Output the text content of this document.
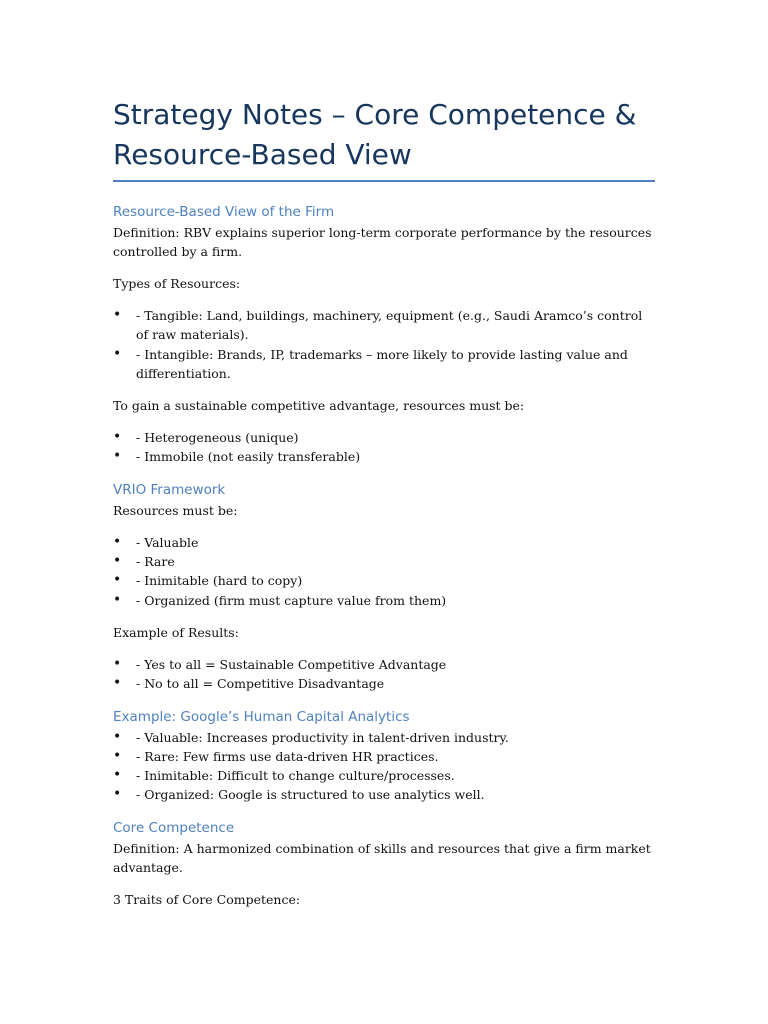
Strategy Notes – Core Competence & Resource-Based View
Resource-Based View of the Firm

Definition: RBV explains superior long-term corporate performance by the resources controlled by a firm.

Types of Resources:

• - Tangible: Land, buildings, machinery, equipment (e.g., Saudi Aramco’s control of raw materials).
• - Intangible: Brands, IP, trademarks – more likely to provide lasting value and differentiation.

To gain a sustainable competitive advantage, resources must be:

• - Heterogeneous (unique)
• - Immobile (not easily transferable)
VRIO Framework

Resources must be:

• - Valuable
• - Rare
• - Inimitable (hard to copy)
• - Organized (firm must capture value from them)

Example of Results:

• - Yes to all = Sustainable Competitive Advantage
• - No to all = Competitive Disadvantage
Example: Google’s Human Capital Analytics
• - Valuable: Increases productivity in talent-driven industry.
• - Rare: Few firms use data-driven HR practices.
• - Inimitable: Difficult to change culture/processes.
• - Organized: Google is structured to use analytics well.
Core Competence

Definition: A harmonized combination of skills and resources that give a firm market advantage.

3 Traits of Core Competence:
